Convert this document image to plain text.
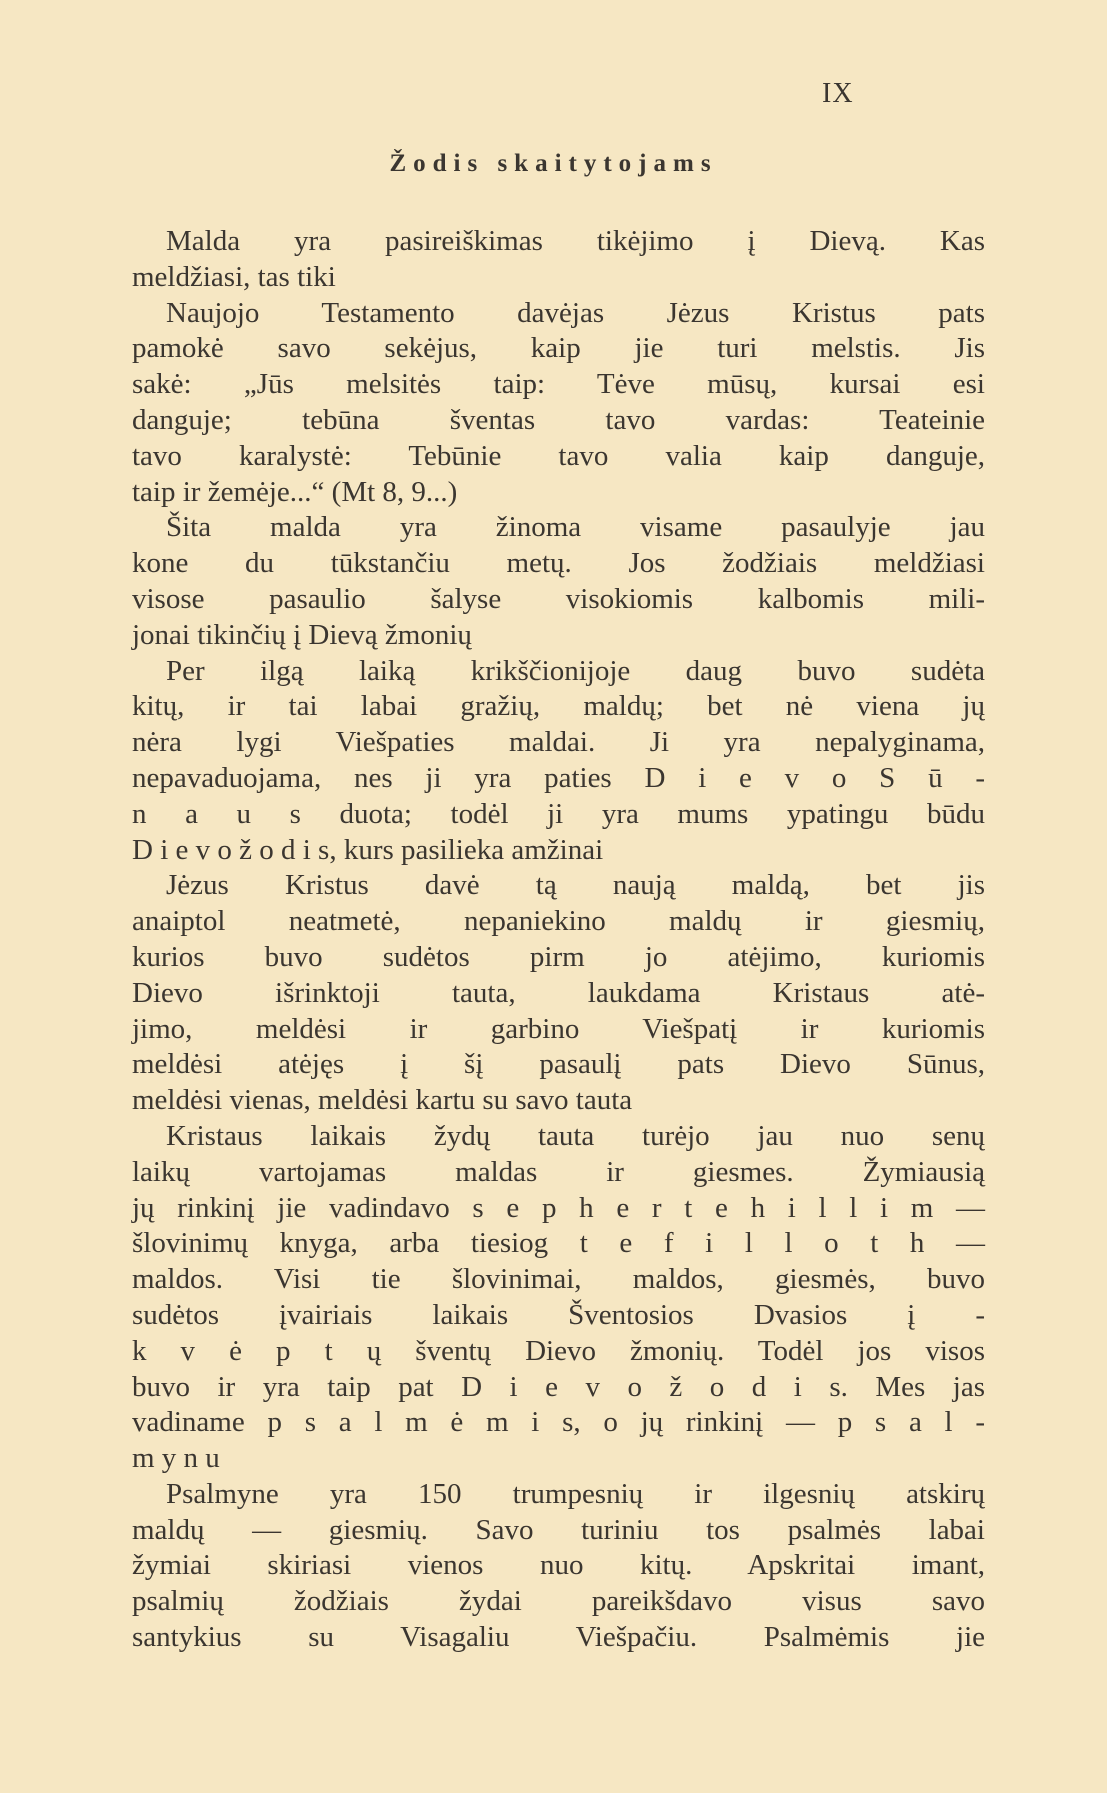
IX
Žodis skaitytojams
Malda yra pasireiškimas tikėjimo į Dievą. Kas
meldžiasi, tas tiki
Naujojo Testamento davėjas Jėzus Kristus pats
pamokė savo sekėjus, kaip jie turi melstis. Jis
sakė: „Jūs melsitės taip: Tėve mūsų, kursai esi
danguje; tebūna šventas tavo vardas: Teateinie
tavo karalystė: Tebūnie tavo valia kaip danguje,
taip ir žemėje...“ (Mt 8, 9...)
Šita malda yra žinoma visame pasaulyje jau
kone du tūkstančiu metų. Jos žodžiais meldžiasi
visose pasaulio šalyse visokiomis kalbomis mili-
jonai tikinčių į Dievą žmonių
Per ilgą laiką krikščionijoje daug buvo sudėta
kitų, ir tai labai gražių, maldų; bet nė viena jų
nėra lygi Viešpaties maldai. Ji yra nepalyginama,
nepavaduojama, nes ji yra paties D i e v o S ū -
n a u s duota; todėl ji yra mums ypatingu būdu
D i e v o ž o d i s, kurs pasilieka amžinai
Jėzus Kristus davė tą naują maldą, bet jis
anaiptol neatmetė, nepaniekino maldų ir giesmių,
kurios buvo sudėtos pirm jo atėjimo, kuriomis
Dievo išrinktoji tauta, laukdama Kristaus atė-
jimo, meldėsi ir garbino Viešpatį ir kuriomis
meldėsi atėjęs į šį pasaulį pats Dievo Sūnus,
meldėsi vienas, meldėsi kartu su savo tauta
Kristaus laikais žydų tauta turėjo jau nuo senų
laikų vartojamas maldas ir giesmes. Žymiausią
jų rinkinį jie vadindavo s e p h e r t e h i l l i m —
šlovinimų knyga, arba tiesiog t e f i l l o t h —
maldos. Visi tie šlovinimai, maldos, giesmės, buvo
sudėtos įvairiais laikais Šventosios Dvasios į -
k v ė p t ų šventų Dievo žmonių. Todėl jos visos
buvo ir yra taip pat D i e v o ž o d i s. Mes jas
vadiname p s a l m ė m i s, o jų rinkinį — p s a l -
m y n u
Psalmyne yra 150 trumpesnių ir ilgesnių atskirų
maldų — giesmių. Savo turiniu tos psalmės labai
žymiai skiriasi vienos nuo kitų. Apskritai imant,
psalmių žodžiais žydai pareikšdavo visus savo
santykius su Visagaliu Viešpačiu. Psalmėmis jie
